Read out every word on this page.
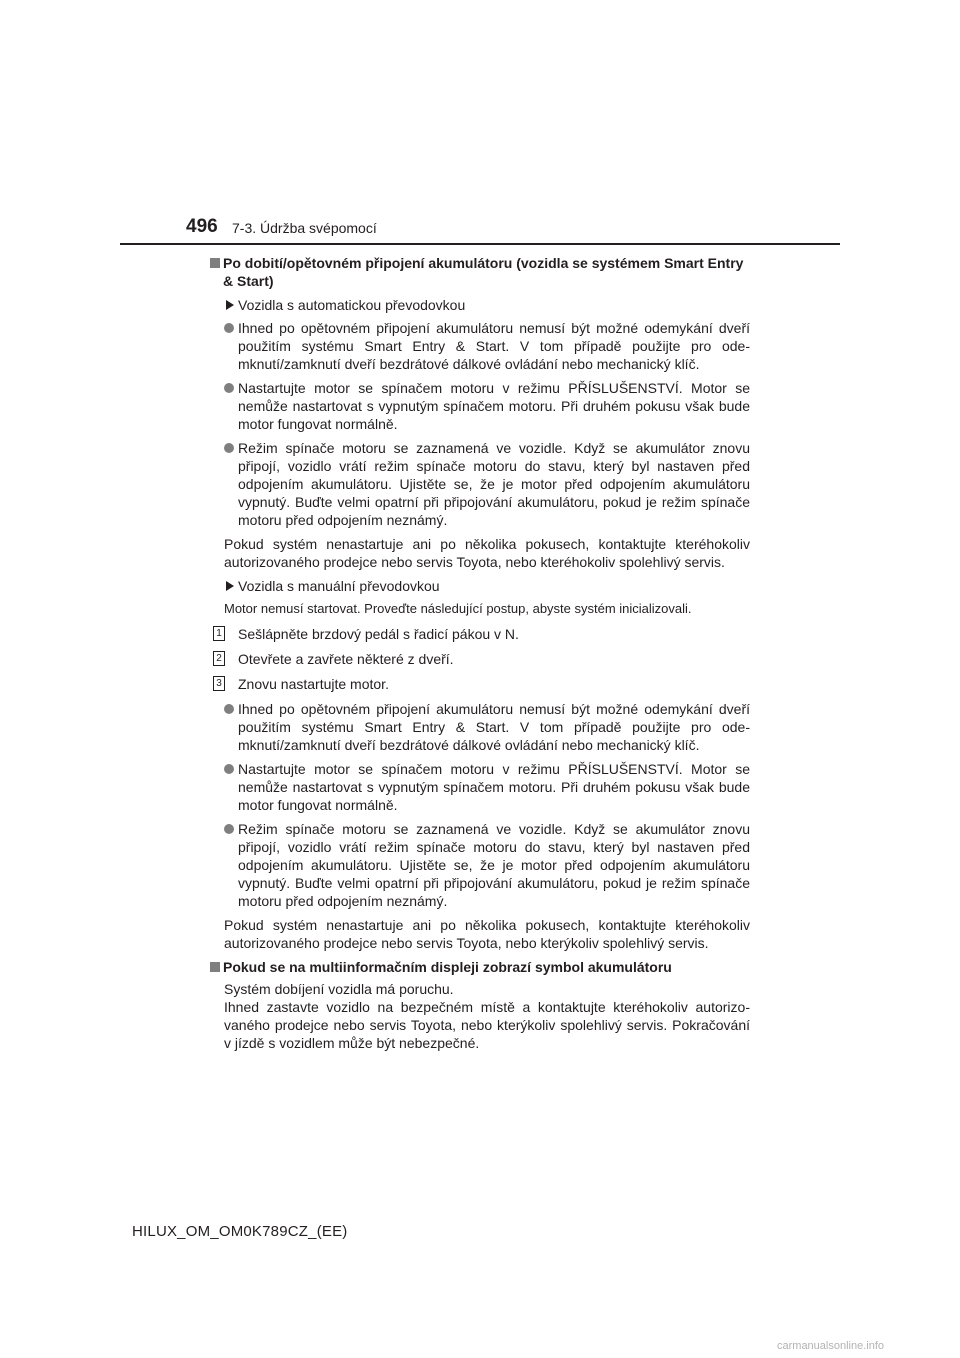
496 7-3. Údržba svépomocí
Po dobití/opětovném připojení akumulátoru (vozidla se systémem Smart Entry & Start)
Vozidla s automatickou převodovkou
Ihned po opětovném připojení akumulátoru nemusí být možné odemykání dveří použitím systému Smart Entry & Start. V tom případě použijte pro odemknutí/zamknutí dveří bezdrátové dálkové ovládání nebo mechanický klíč.
Nastartujte motor se spínačem motoru v režimu PŘÍSLUŠENSTVÍ. Motor se nemůže nastartovat s vypnutým spínačem motoru. Při druhém pokusu však bude motor fungovat normálně.
Režim spínače motoru se zaznamená ve vozidle. Když se akumulátor znovu připojí, vozidlo vrátí režim spínače motoru do stavu, který byl nastaven před odpojením akumulátoru. Ujistěte se, že je motor před odpojením akumulátoru vypnutý. Buďte velmi opatrní při připojování akumulátoru, pokud je režim spínače motoru před odpojením neznámý.
Pokud systém nenastartuje ani po několika pokusech, kontaktujte kteréhokoliv autorizovaného prodejce nebo servis Toyota, nebo kteréhokoliv spolehlivý servis.
Vozidla s manuální převodovkou
Motor nemusí startovat. Proveďte následující postup, abyste systém inicializovali.
1 Sešlápněte brzdový pedál s řadicí pákou v N.
2 Otevřete a zavřete některé z dveří.
3 Znovu nastartujte motor.
Ihned po opětovném připojení akumulátoru nemusí být možné odemykání dveří použitím systému Smart Entry & Start. V tom případě použijte pro odemknutí/zamknutí dveří bezdrátové dálkové ovládání nebo mechanický klíč.
Nastartujte motor se spínačem motoru v režimu PŘÍSLUŠENSTVÍ. Motor se nemůže nastartovat s vypnutým spínačem motoru. Při druhém pokusu však bude motor fungovat normálně.
Režim spínače motoru se zaznamená ve vozidle. Když se akumulátor znovu připojí, vozidlo vrátí režim spínače motoru do stavu, který byl nastaven před odpojením akumulátoru. Ujistěte se, že je motor před odpojením akumulátoru vypnutý. Buďte velmi opatrní při připojování akumulátoru, pokud je režim spínače motoru před odpojením neznámý.
Pokud systém nenastartuje ani po několika pokusech, kontaktujte kteréhokoliv autorizovaného prodejce nebo servis Toyota, nebo kterýkoliv spolehlivý servis.
Pokud se na multiinformačním displeji zobrazí symbol akumulátoru
Systém dobíjení vozidla má poruchu.
Ihned zastavte vozidlo na bezpečném místě a kontaktujte kteréhokoliv autorizovaného prodejce nebo servis Toyota, nebo kterýkoliv spolehlivý servis. Pokračování v jízdě s vozidlem může být nebezpečné.
HILUX_OM_OM0K789CZ_(EE)
carmanualsonline.info
